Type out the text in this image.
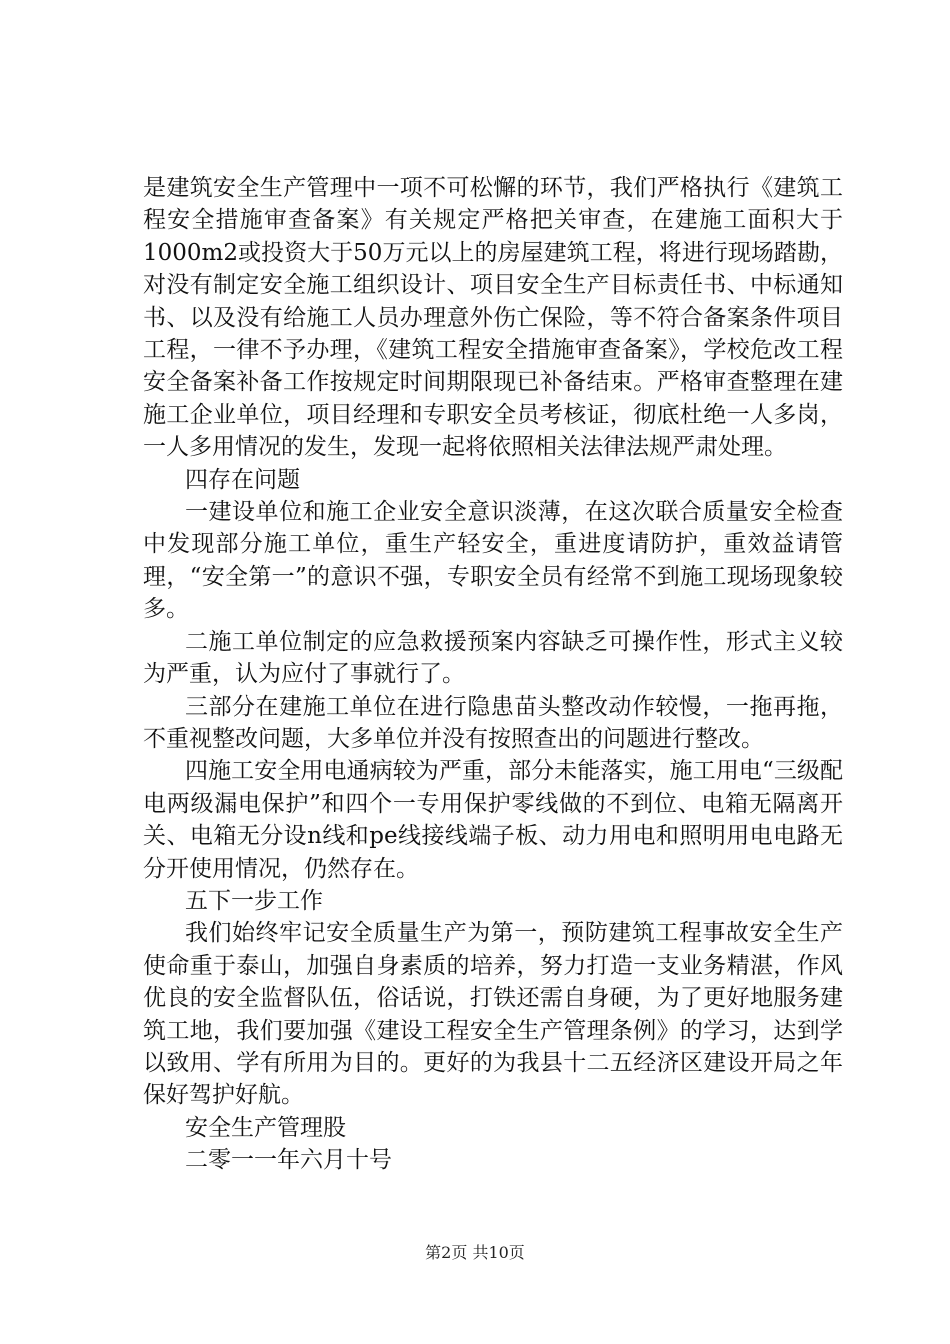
是建筑安全生产管理中一项不可松懈的环节，我们严格执行《建筑工程安全措施审查备案》有关规定严格把关审查，在建施工面积大于1000m2或投资大于50万元以上的房屋建筑工程，将进行现场踏勘，对没有制定安全施工组织设计、项目安全生产目标责任书、中标通知书、以及没有给施工人员办理意外伤亡保险，等不符合备案条件项目工程，一律不予办理，《建筑工程安全措施审查备案》，学校危改工程安全备案补备工作按规定时间期限现已补备结束。严格审查整理在建施工企业单位，项目经理和专职安全员考核证，彻底杜绝一人多岗，一人多用情况的发生，发现一起将依照相关法律法规严肃处理。

四存在问题

一建设单位和施工企业安全意识淡薄，在这次联合质量安全检查中发现部分施工单位，重生产轻安全，重进度请防护，重效益请管理，“安全第一”的意识不强，专职安全员有经常不到施工现场现象较多。

二施工单位制定的应急救援预案内容缺乏可操作性，形式主义较为严重，认为应付了事就行了。

三部分在建施工单位在进行隐患苗头整改动作较慢，一拖再拖，不重视整改问题，大多单位并没有按照查出的问题进行整改。

四施工安全用电通病较为严重，部分未能落实，施工用电“三级配电两级漏电保护”和四个一专用保护零线做的不到位、电箱无隔离开关、电箱无分设n线和pe线接线端子板、动力用电和照明用电电路无分开使用情况，仍然存在。

五下一步工作

我们始终牢记安全质量生产为第一，预防建筑工程事故安全生产使命重于泰山，加强自身素质的培养，努力打造一支业务精湛，作风优良的安全监督队伍，俗话说，打铁还需自身硬，为了更好地服务建筑工地，我们要加强《建设工程安全生产管理条例》的学习，达到学以致用、学有所用为目的。更好的为我县十二五经济区建设开局之年保好驾护好航。

安全生产管理股

二零一一年六月十号

第2页 共10页
